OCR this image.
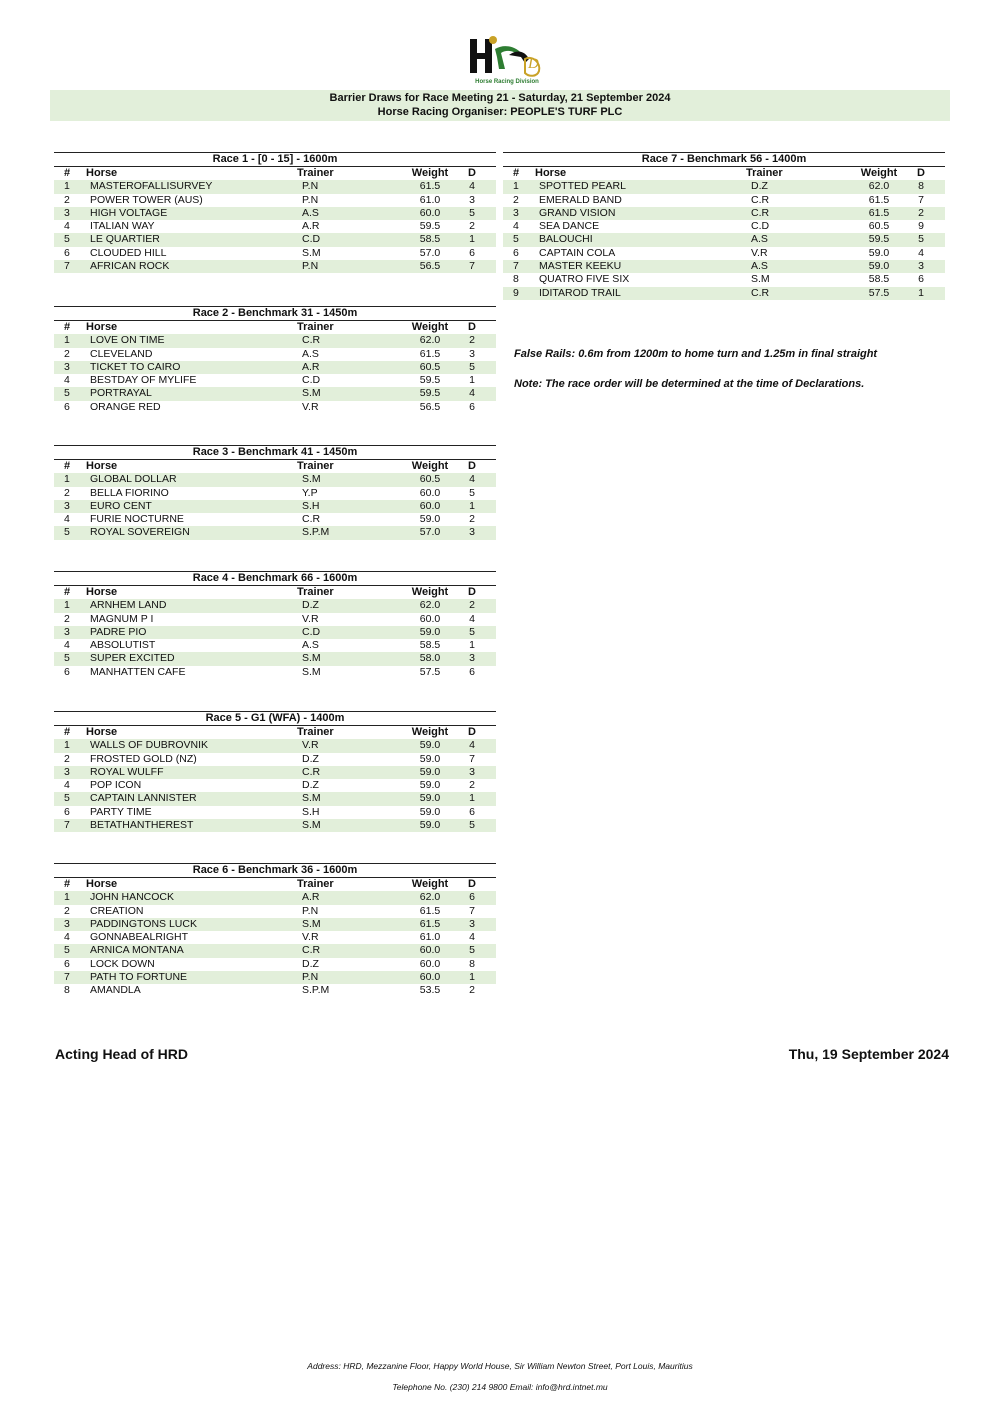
D
Horse Racing Division
Barrier Draws for Race Meeting 21 - Saturday, 21 September 2024
Horse Racing Organiser: PEOPLE'S TURF PLC
Race 1 - [0 - 15] - 1600m
# Horse	Trainer	Weight	D
1 MASTEROFALLISURVEY	P.N	61.5	4
2 POWER TOWER (AUS)	P.N	61.0	3
3 HIGH VOLTAGE	A.S	60.0	5
4 ITALIAN WAY	A.R	59.5	2
5 LE QUARTIER	C.D	58.5	1
6 CLOUDED HILL	S.M	57.0	6
7 AFRICAN ROCK	P.N	56.5	7
Race 2 - Benchmark 31 - 1450m
# Horse	Trainer	Weight	D
1 LOVE ON TIME	C.R	62.0	2
2 CLEVELAND	A.S	61.5	3
3 TICKET TO CAIRO	A.R	60.5	5
4 BESTDAY OF MYLIFE	C.D	59.5	1
5 PORTRAYAL	S.M	59.5	4
6 ORANGE RED	V.R	56.5	6
Race 3 - Benchmark 41 - 1450m
# Horse	Trainer	Weight	D
1 GLOBAL DOLLAR	S.M	60.5	4
2 BELLA FIORINO	Y.P	60.0	5
3 EURO CENT	S.H	60.0	1
4 FURIE NOCTURNE	C.R	59.0	2
5 ROYAL SOVEREIGN	S.P.M	57.0	3
Race 4 - Benchmark 66 - 1600m
# Horse	Trainer	Weight	D
1 ARNHEM LAND	D.Z	62.0	2
2 MAGNUM P I	V.R	60.0	4
3 PADRE PIO	C.D	59.0	5
4 ABSOLUTIST	A.S	58.5	1
5 SUPER EXCITED	S.M	58.0	3
6 MANHATTEN CAFE	S.M	57.5	6
Race 5 - G1 (WFA) - 1400m
# Horse	Trainer	Weight	D
1 WALLS OF DUBROVNIK	V.R	59.0	4
2 FROSTED GOLD (NZ)	D.Z	59.0	7
3 ROYAL WULFF	C.R	59.0	3
4 POP ICON	D.Z	59.0	2
5 CAPTAIN LANNISTER	S.M	59.0	1
6 PARTY TIME	S.H	59.0	6
7 BETATHANTHEREST	S.M	59.0	5
Race 6 - Benchmark 36 - 1600m
# Horse	Trainer	Weight	D
1 JOHN HANCOCK	A.R	62.0	6
2 CREATION	P.N	61.5	7
3 PADDINGTONS LUCK	S.M	61.5	3
4 GONNABEALRIGHT	V.R	61.0	4
5 ARNICA MONTANA	C.R	60.0	5
6 LOCK DOWN	D.Z	60.0	8
7 PATH TO FORTUNE	P.N	60.0	1
8 AMANDLA	S.P.M	53.5	2
Race 7 - Benchmark 56 - 1400m
# Horse	Trainer	Weight	D
1 SPOTTED PEARL	D.Z	62.0	8
2 EMERALD BAND	C.R	61.5	7
3 GRAND VISION	C.R	61.5	2
4 SEA DANCE	C.D	60.5	9
5 BALOUCHI	A.S	59.5	5
6 CAPTAIN COLA	V.R	59.0	4
7 MASTER KEEKU	A.S	59.0	3
8 QUATRO FIVE SIX	S.M	58.5	6
9 IDITAROD TRAIL	C.R	57.5	1
False Rails: 0.6m from 1200m to home turn and 1.25m in final straight
Note: The race order will be determined at the time of Declarations.
Acting Head of HRD	Thu, 19 September 2024
Address: HRD, Mezzanine Floor, Happy World House, Sir William Newton Street, Port Louis, Mauritius
Telephone No. (230) 214 9800 Email: info@hrd.intnet.mu
